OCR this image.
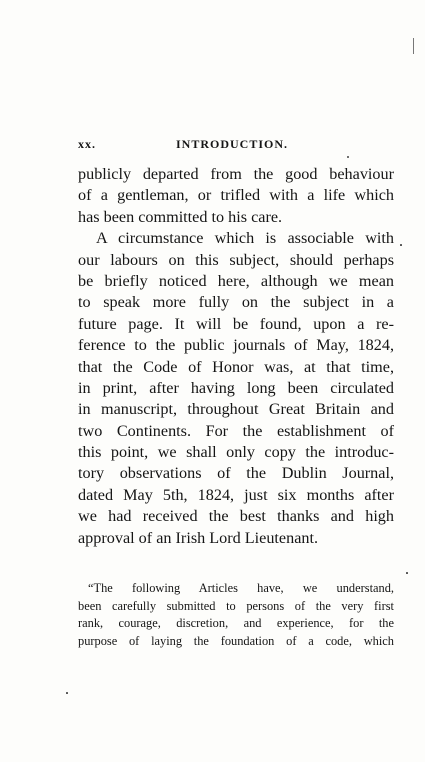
xx.	INTRODUCTION.
publicly departed from the good behaviour
of a gentleman, or trifled with a life which
has been committed to his care.
A circumstance which is associable with
our labours on this subject, should perhaps
be briefly noticed here, although we mean
to speak more fully on the subject in a
future page. It will be found, upon a re-
ference to the public journals of May, 1824,
that the Code of Honor was, at that time,
in print, after having long been circulated
in manuscript, throughout Great Britain and
two Continents. For the establishment of
this point, we shall only copy the introduc-
tory observations of the Dublin Journal,
dated May 5th, 1824, just six months after
we had received the best thanks and high
approval of an Irish Lord Lieutenant.
“The following Articles have, we understand,
been carefully submitted to persons of the very first
rank, courage, discretion, and experience, for the
purpose of laying the foundation of a code, which
